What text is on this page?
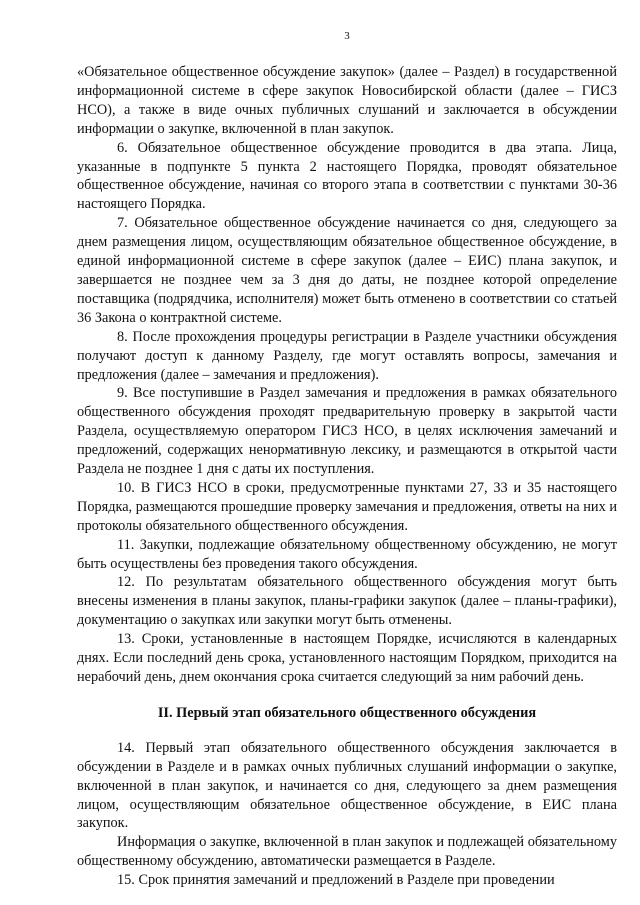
3

«Обязательное общественное обсуждение закупок» (далее – Раздел) в государственной информационной системе в сфере закупок Новосибирской области (далее – ГИСЗ НСО), а также в виде очных публичных слушаний и заключается в обсуждении информации о закупке, включенной в план закупок.

6. Обязательное общественное обсуждение проводится в два этапа. Лица, указанные в подпункте 5 пункта 2 настоящего Порядка, проводят обязательное общественное обсуждение, начиная со второго этапа в соответствии с пунктами 30-36 настоящего Порядка.

7. Обязательное общественное обсуждение начинается со дня, следующего за днем размещения лицом, осуществляющим обязательное общественное обсуждение, в единой информационной системе в сфере закупок (далее – ЕИС) плана закупок, и завершается не позднее чем за 3 дня до даты, не позднее которой определение поставщика (подрядчика, исполнителя) может быть отменено в соответствии со статьей 36 Закона о контрактной системе.

8. После прохождения процедуры регистрации в Разделе участники обсуждения получают доступ к данному Разделу, где могут оставлять вопросы, замечания и предложения (далее – замечания и предложения).

9. Все поступившие в Раздел замечания и предложения в рамках обязательного общественного обсуждения проходят предварительную проверку в закрытой части Раздела, осуществляемую оператором ГИСЗ НСО, в целях исключения замечаний и предложений, содержащих ненормативную лексику, и размещаются в открытой части Раздела не позднее 1 дня с даты их поступления.

10. В ГИСЗ НСО в сроки, предусмотренные пунктами 27, 33 и 35 настоящего Порядка, размещаются прошедшие проверку замечания и предложения, ответы на них и протоколы обязательного общественного обсуждения.

11. Закупки, подлежащие обязательному общественному обсуждению, не могут быть осуществлены без проведения такого обсуждения.

12. По результатам обязательного общественного обсуждения могут быть внесены изменения в планы закупок, планы-графики закупок (далее – планы-графики), документацию о закупках или закупки могут быть отменены.

13. Сроки, установленные в настоящем Порядке, исчисляются в календарных днях. Если последний день срока, установленного настоящим Порядком, приходится на нерабочий день, днем окончания срока считается следующий за ним рабочий день.

II. Первый этап обязательного общественного обсуждения

14. Первый этап обязательного общественного обсуждения заключается в обсуждении в Разделе и в рамках очных публичных слушаний информации о закупке, включенной в план закупок, и начинается со дня, следующего за днем размещения лицом, осуществляющим обязательное общественное обсуждение, в ЕИС плана закупок.

Информация о закупке, включенной в план закупок и подлежащей обязательному общественному обсуждению, автоматически размещается в Разделе.

15. Срок принятия замечаний и предложений в Разделе при проведении
